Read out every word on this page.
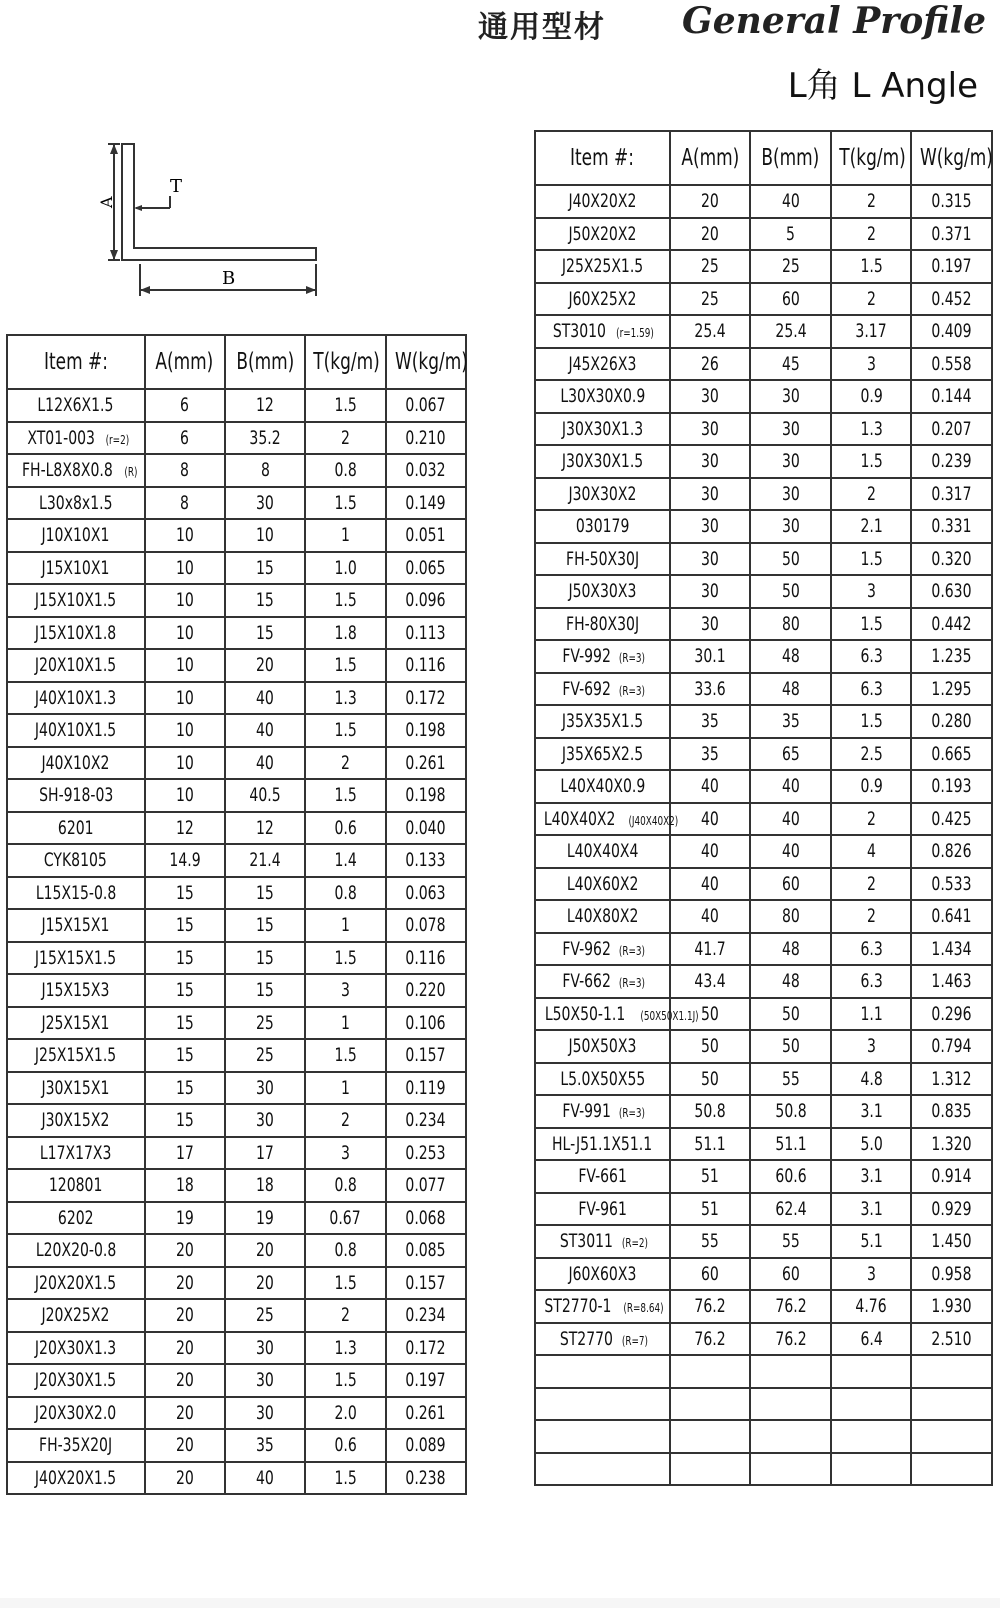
通用型材 General Profile
L角 L Angle
A
T
B
Item #:	A(mm)	B(mm)	T(kg/m)	W(kg/m)
L12X6X1.5	6	12	1.5	0.067
XT01-003 (r=2)	6	35.2	2	0.210
FH-L8X8X0.8 (R)	8	8	0.8	0.032
L30x8x1.5	8	30	1.5	0.149
J10X10X1	10	10	1	0.051
J15X10X1	10	15	1.0	0.065
J15X10X1.5	10	15	1.5	0.096
J15X10X1.8	10	15	1.8	0.113
J20X10X1.5	10	20	1.5	0.116
J40X10X1.3	10	40	1.3	0.172
J40X10X1.5	10	40	1.5	0.198
J40X10X2	10	40	2	0.261
SH-918-03	10	40.5	1.5	0.198
6201	12	12	0.6	0.040
CYK8105	14.9	21.4	1.4	0.133
L15X15-0.8	15	15	0.8	0.063
J15X15X1	15	15	1	0.078
J15X15X1.5	15	15	1.5	0.116
J15X15X3	15	15	3	0.220
J25X15X1	15	25	1	0.106
J25X15X1.5	15	25	1.5	0.157
J30X15X1	15	30	1	0.119
J30X15X2	15	30	2	0.234
L17X17X3	17	17	3	0.253
120801	18	18	0.8	0.077
6202	19	19	0.67	0.068
L20X20-0.8	20	20	0.8	0.085
J20X20X1.5	20	20	1.5	0.157
J20X25X2	20	25	2	0.234
J20X30X1.3	20	30	1.3	0.172
J20X30X1.5	20	30	1.5	0.197
J20X30X2.0	20	30	2.0	0.261
FH-35X20J	20	35	0.6	0.089
J40X20X1.5	20	40	1.5	0.238
Item #:	A(mm)	B(mm)	T(kg/m)	W(kg/m)
J40X20X2	20	40	2	0.315
J50X20X2	20	5	2	0.371
J25X25X1.5	25	25	1.5	0.197
J60X25X2	25	60	2	0.452
ST3010 (r=1.59)	25.4	25.4	3.17	0.409
J45X26X3	26	45	3	0.558
L30X30X0.9	30	30	0.9	0.144
J30X30X1.3	30	30	1.3	0.207
J30X30X1.5	30	30	1.5	0.239
J30X30X2	30	30	2	0.317
030179	30	30	2.1	0.331
FH-50X30J	30	50	1.5	0.320
J50X30X3	30	50	3	0.630
FH-80X30J	30	80	1.5	0.442
FV-992 (R=3)	30.1	48	6.3	1.235
FV-692 (R=3)	33.6	48	6.3	1.295
J35X35X1.5	35	35	1.5	0.280
J35X65X2.5	35	65	2.5	0.665
L40X40X0.9	40	40	0.9	0.193
L40X40X2 (J40X40X2)	40	40	2	0.425
L40X40X4	40	40	4	0.826
L40X60X2	40	60	2	0.533
L40X80X2	40	80	2	0.641
FV-962 (R=3)	41.7	48	6.3	1.434
FV-662 (R=3)	43.4	48	6.3	1.463
L50X50-1.1 (50X50X1.1J)	50	50	1.1	0.296
J50X50X3	50	50	3	0.794
L5.0X50X55	50	55	4.8	1.312
FV-991(R=3)	50.8	50.8	3.1	0.835
HL-J51.1X51.1	51.1	51.1	5.0	1.320
FV-661	51	60.6	3.1	0.914
FV-961	51	62.4	3.1	0.929
ST3011(R=2)	55	55	5.1	1.450
J60X60X3	60	60	3	0.958
ST2770-1(R=8.64)	76.2	76.2	4.76	1.930
ST2770(R=7)	76.2	76.2	6.4	2.510
